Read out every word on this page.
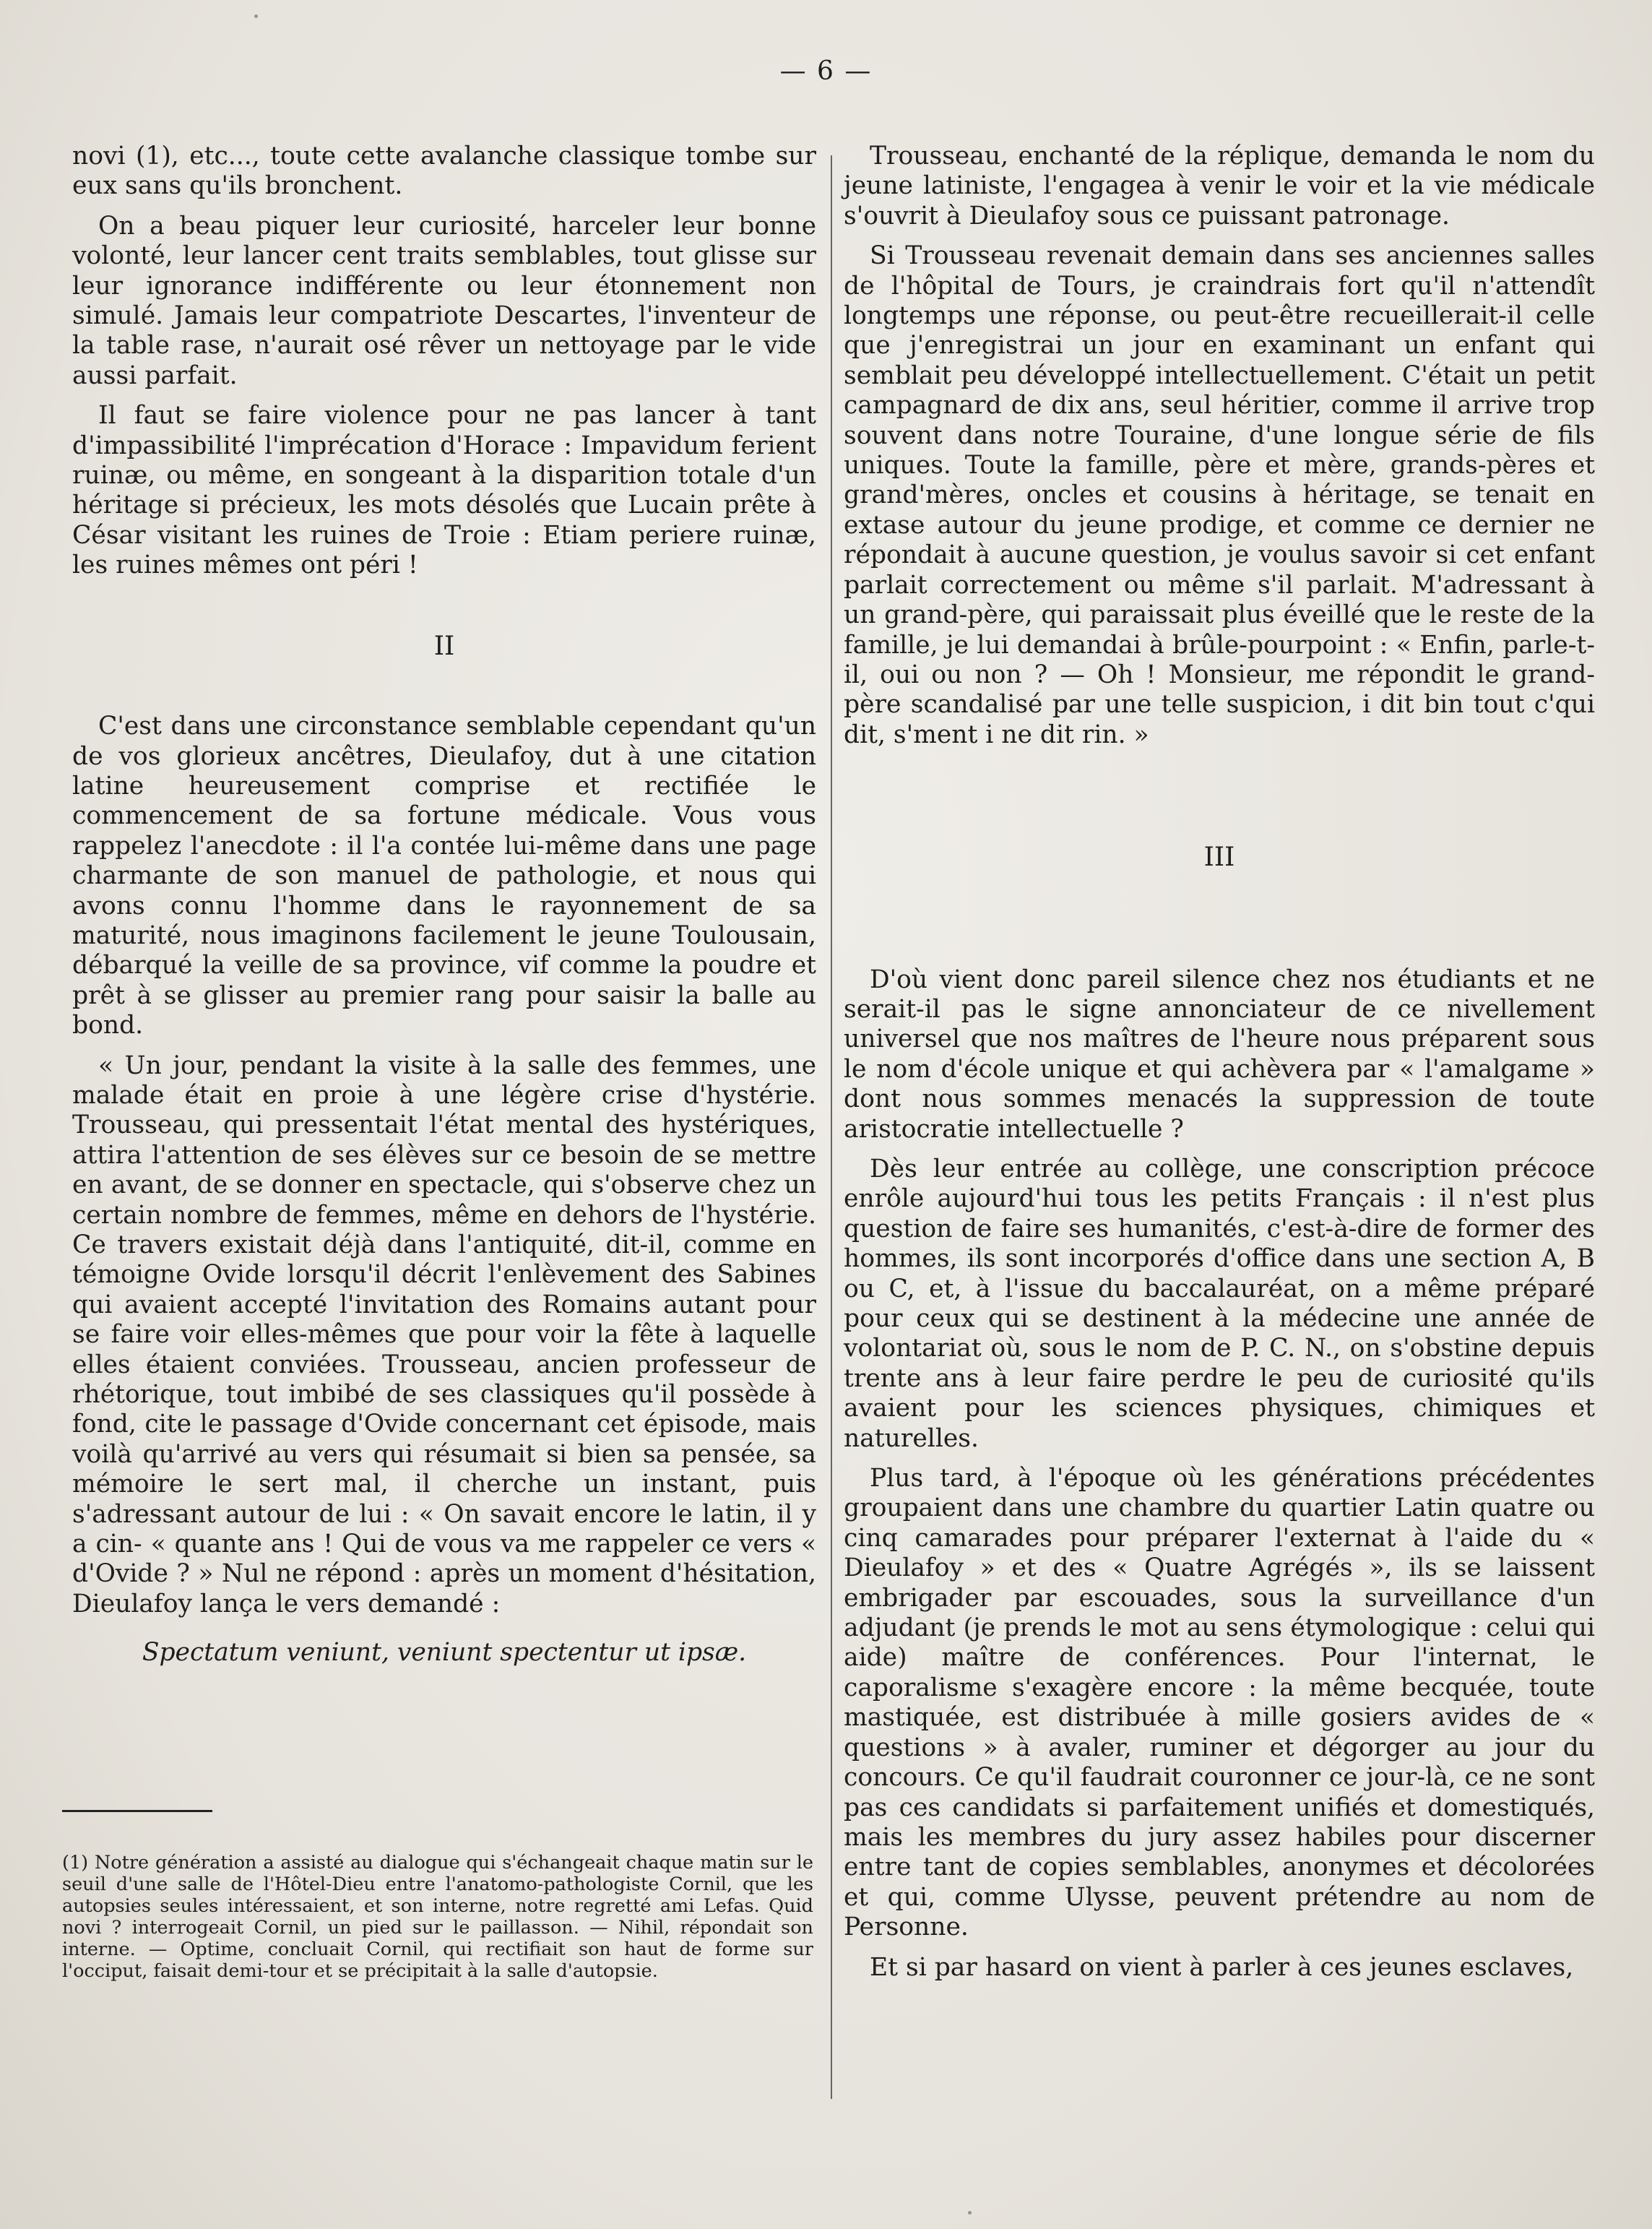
— 6 —

novi (1), etc..., toute cette avalanche classique tombe sur eux sans qu'ils bronchent.

On a beau piquer leur curiosité, harceler leur bonne volonté, leur lancer cent traits semblables, tout glisse sur leur ignorance indifférente ou leur étonnement non simulé. Jamais leur compatriote Descartes, l'inventeur de la table rase, n'aurait osé rêver un nettoyage par le vide aussi parfait.

Il faut se faire violence pour ne pas lancer à tant d'impassibilité l'imprécation d'Horace : Impavidum ferient ruinæ, ou même, en songeant à la disparition totale d'un héritage si précieux, les mots désolés que Lucain prête à César visitant les ruines de Troie : Etiam periere ruinæ, les ruines mêmes ont péri !

II

C'est dans une circonstance semblable cependant qu'un de vos glorieux ancêtres, Dieulafoy, dut à une citation latine heureusement comprise et rectifiée le commencement de sa fortune médicale. Vous vous rappelez l'anecdote : il l'a contée lui-même dans une page charmante de son manuel de pathologie, et nous qui avons connu l'homme dans le rayonnement de sa maturité, nous imaginons facilement le jeune Toulousain, débarqué la veille de sa province, vif comme la poudre et prêt à se glisser au premier rang pour saisir la balle au bond.

« Un jour, pendant la visite à la salle des femmes, une malade était en proie à une légère crise d'hystérie. Trousseau, qui pressentait l'état mental des hystériques, attira l'attention de ses élèves sur ce besoin de se mettre en avant, de se donner en spectacle, qui s'observe chez un certain nombre de femmes, même en dehors de l'hystérie. Ce travers existait déjà dans l'antiquité, dit-il, comme en témoigne Ovide lorsqu'il décrit l'enlèvement des Sabines qui avaient accepté l'invitation des Romains autant pour se faire voir elles-mêmes que pour voir la fête à laquelle elles étaient conviées. Trousseau, ancien professeur de rhétorique, tout imbibé de ses classiques qu'il possède à fond, cite le passage d'Ovide concernant cet épisode, mais voilà qu'arrivé au vers qui résumait si bien sa pensée, sa mémoire le sert mal, il cherche un instant, puis s'adressant autour de lui : « On savait encore le latin, il y a cin- « quante ans ! Qui de vous va me rappeler ce vers « d'Ovide ? » Nul ne répond : après un moment d'hésitation, Dieulafoy lança le vers demandé :

Spectatum veniunt, veniunt spectentur ut ipsæ.

(1) Notre génération a assisté au dialogue qui s'échangeait chaque matin sur le seuil d'une salle de l'Hôtel-Dieu entre l'anatomo-pathologiste Cornil, que les autopsies seules intéressaient, et son interne, notre regretté ami Lefas. Quid novi ? interrogeait Cornil, un pied sur le paillasson. — Nihil, répondait son interne. — Optime, concluait Cornil, qui rectifiait son haut de forme sur l'occiput, faisait demi-tour et se précipitait à la salle d'autopsie.

Trousseau, enchanté de la réplique, demanda le nom du jeune latiniste, l'engagea à venir le voir et la vie médicale s'ouvrit à Dieulafoy sous ce puissant patronage.

Si Trousseau revenait demain dans ses anciennes salles de l'hôpital de Tours, je craindrais fort qu'il n'attendît longtemps une réponse, ou peut-être recueillerait-il celle que j'enregistrai un jour en examinant un enfant qui semblait peu développé intellectuellement. C'était un petit campagnard de dix ans, seul héritier, comme il arrive trop souvent dans notre Touraine, d'une longue série de fils uniques. Toute la famille, père et mère, grands-pères et grand'mères, oncles et cousins à héritage, se tenait en extase autour du jeune prodige, et comme ce dernier ne répondait à aucune question, je voulus savoir si cet enfant parlait correctement ou même s'il parlait. M'adressant à un grand-père, qui paraissait plus éveillé que le reste de la famille, je lui demandai à brûle-pourpoint : « Enfin, parle-t-il, oui ou non ? — Oh ! Monsieur, me répondit le grand-père scandalisé par une telle suspicion, i dit bin tout c'qui dit, s'ment i ne dit rin. »

III

D'où vient donc pareil silence chez nos étudiants et ne serait-il pas le signe annonciateur de ce nivellement universel que nos maîtres de l'heure nous préparent sous le nom d'école unique et qui achèvera par « l'amalgame » dont nous sommes menacés la suppression de toute aristocratie intellectuelle ?

Dès leur entrée au collège, une conscription précoce enrôle aujourd'hui tous les petits Français : il n'est plus question de faire ses humanités, c'est-à-dire de former des hommes, ils sont incorporés d'office dans une section A, B ou C, et, à l'issue du baccalauréat, on a même préparé pour ceux qui se destinent à la médecine une année de volontariat où, sous le nom de P. C. N., on s'obstine depuis trente ans à leur faire perdre le peu de curiosité qu'ils avaient pour les sciences physiques, chimiques et naturelles.

Plus tard, à l'époque où les générations précédentes groupaient dans une chambre du quartier Latin quatre ou cinq camarades pour préparer l'externat à l'aide du « Dieulafoy » et des « Quatre Agrégés », ils se laissent embrigader par escouades, sous la surveillance d'un adjudant (je prends le mot au sens étymologique : celui qui aide) maître de conférences. Pour l'internat, le caporalisme s'exagère encore : la même becquée, toute mastiquée, est distribuée à mille gosiers avides de « questions » à avaler, ruminer et dégorger au jour du concours. Ce qu'il faudrait couronner ce jour-là, ce ne sont pas ces candidats si parfaitement unifiés et domestiqués, mais les membres du jury assez habiles pour discerner entre tant de copies semblables, anonymes et décolorées et qui, comme Ulysse, peuvent prétendre au nom de Personne.

Et si par hasard on vient à parler à ces jeunes esclaves,
